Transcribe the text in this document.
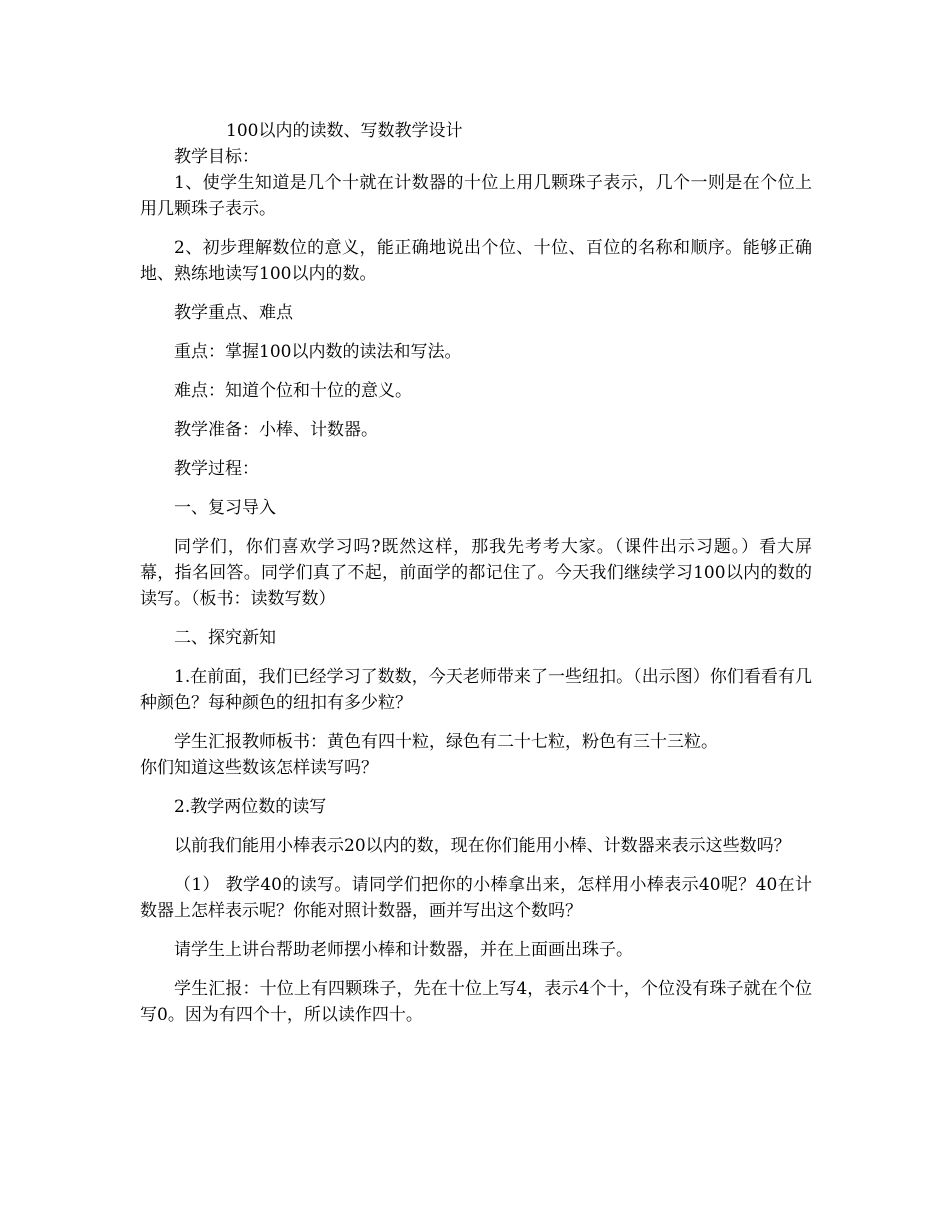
100以内的读数、写数教学设计

教学目标：

1、使学生知道是几个十就在计数器的十位上用几颗珠子表示，几个一则是在个位上用几颗珠子表示。

2、初步理解数位的意义，能正确地说出个位、十位、百位的名称和顺序。能够正确地、熟练地读写100以内的数。

教学重点、难点

重点：掌握100以内数的读法和写法。

难点：知道个位和十位的意义。

教学准备：小棒、计数器。

教学过程：

一、复习导入

同学们，你们喜欢学习吗?既然这样，那我先考考大家。（课件出示习题。）看大屏幕，指名回答。同学们真了不起，前面学的都记住了。今天我们继续学习100以内的数的读写。（板书：读数写数）

二、探究新知

1.在前面，我们已经学习了数数，今天老师带来了一些纽扣。（出示图）你们看看有几种颜色？每种颜色的纽扣有多少粒？

学生汇报教师板书：黄色有四十粒，绿色有二十七粒，粉色有三十三粒。

你们知道这些数该怎样读写吗？

2.教学两位数的读写

以前我们能用小棒表示20以内的数，现在你们能用小棒、计数器来表示这些数吗？

（1） 教学40的读写。请同学们把你的小棒拿出来，怎样用小棒表示40呢？40在计数器上怎样表示呢？你能对照计数器，画并写出这个数吗？

请学生上讲台帮助老师摆小棒和计数器，并在上面画出珠子。

学生汇报：十位上有四颗珠子，先在十位上写4，表示4个十，个位没有珠子就在个位写0。因为有四个十，所以读作四十。
